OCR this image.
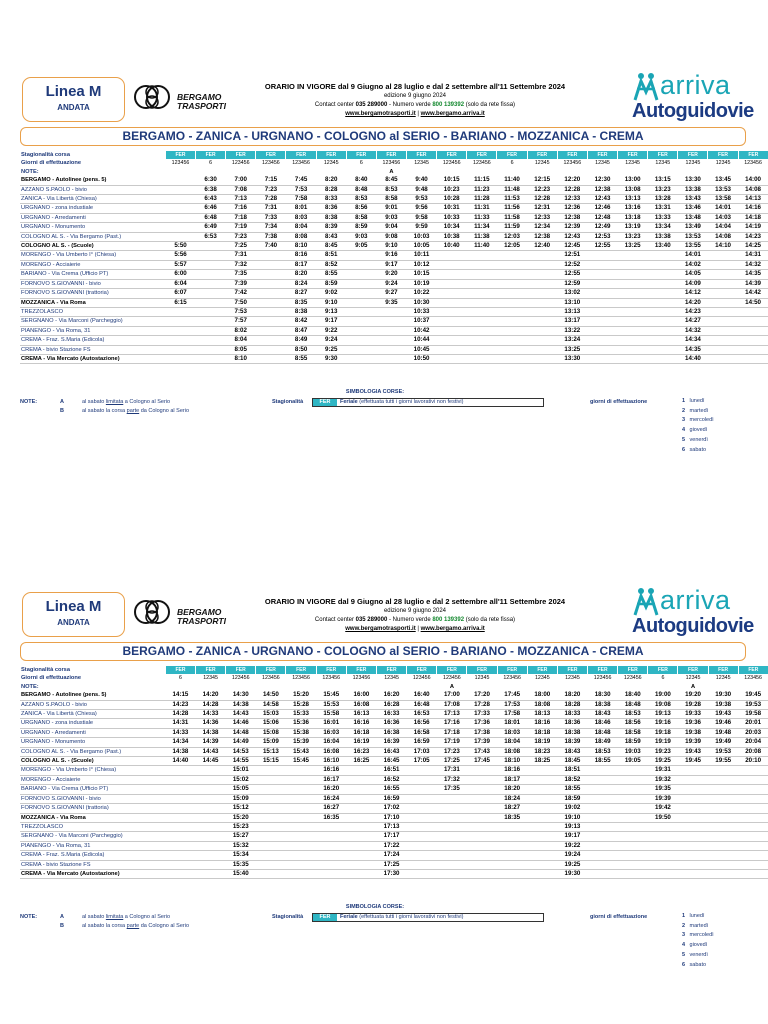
Linea M
ANDATA
BERGAMO TRASPORTI
ORARIO IN VIGORE dal 9 Giugno al 28 luglio e dal 2 settembre all'11 Settembre 2024
edizione 9 giugno 2024
Contact center 035 289000 - Numero verde 800 139392 (solo da rete fissa)
www.bergamotrasporti.it | www.bergamo.arriva.it
arriva
Autoguidovie
BERGAMO - ZANICA - URGNANO - COLOGNO al SERIO - BARIANO - MOZZANICA - CREMA
Stagionalità corsa	FER	FER	FER	FER	FER	FER	FER	FER	FER	FER	FER	FER	FER	FER	FER	FER	FER	FER	FER	FER
Giorni di effettuazione	123456	6	123456	123456	123456	12345	6	123456	12345	123456	123456	6	12345	123456	12345	12345	12345	12345	12345	123456
NOTE:								A												
BERGAMO - Autolinee (pens. 5)		6:30	7:00	7:15	7:45	8:20	8:40	8:45	9:40	10:15	11:15	11:40	12:15	12:20	12:30	13:00	13:15	13:30	13:45	14:00
AZZANO S.PAOLO - bivio		6:38	7:08	7:23	7:53	8:28	8:48	8:53	9:48	10:23	11:23	11:48	12:23	12:28	12:38	13:08	13:23	13:38	13:53	14:08
ZANICA - Via Libertà (Chiesa)		6:43	7:13	7:28	7:58	8:33	8:53	8:58	9:53	10:28	11:28	11:53	12:28	12:33	12:43	13:13	13:28	13:43	13:58	14:13
URGNANO - zona industiale		6:46	7:16	7:31	8:01	8:36	8:56	9:01	9:56	10:31	11:31	11:56	12:31	12:36	12:46	13:16	13:31	13:46	14:01	14:16
URGNANO - Arredamenti		6:48	7:18	7:33	8:03	8:38	8:58	9:03	9:58	10:33	11:33	11:58	12:33	12:38	12:48	13:18	13:33	13:48	14:03	14:18
URGNANO - Monumento		6:49	7:19	7:34	8:04	8:39	8:59	9:04	9:59	10:34	11:34	11:59	12:34	12:39	12:49	13:19	13:34	13:49	14:04	14:19
COLOGNO AL S. - Via Bergamo (Past.)		6:53	7:23	7:38	8:08	8:43	9:03	9:08	10:03	10:38	11:38	12:03	12:38	12:43	12:53	13:23	13:38	13:53	14:08	14:23
COLOGNO AL S. - (Scuole)	5:50		7:25	7:40	8:10	8:45	9:05	9:10	10:05	10:40	11:40	12:05	12:40	12:45	12:55	13:25	13:40	13:55	14:10	14:25
MORENGO - Via Umberto I° (Chiesa)	5:56		7:31		8:16	8:51		9:16	10:11					12:51				14:01		14:31
MORENGO - Acciaierie	5:57		7:32		8:17	8:52		9:17	10:12					12:52				14:02		14:32
BARIANO - Via Crema (Ufficio PT)	6:00		7:35		8:20	8:55		9:20	10:15					12:55				14:05		14:35
FORNOVO S.GIOVANNI - bivio	6:04		7:39		8:24	8:59		9:24	10:19					12:59				14:09		14:39
FORNOVO S.GIOVANNI (trattoria)	6:07		7:42		8:27	9:02		9:27	10:22					13:02				14:12		14:42
MOZZANICA - Via Roma	6:15		7:50		8:35	9:10		9:35	10:30					13:10				14:20		14:50
TREZZOLASCO			7:53		8:38	9:13			10:33					13:13				14:23		
SERGNANO - Via Marconi (Parcheggio)			7:57		8:42	9:17			10:37					13:17				14:27		
PIANENGO - Via Roma, 31			8:02		8:47	9:22			10:42					13:22				14:32		
CREMA - Fraz. S.Maria (Edicola)			8:04		8:49	9:24			10:44					13:24				14:34		
CREMA - bivio Stazione FS			8:05		8:50	9:25			10:45					13:25				14:35		
CREMA - Via Mercato (Autostazione)			8:10		8:55	9:30			10:50					13:30				14:40		
SIMBOLOGIA CORSE:
NOTE:	A	al sabato limitata a Cologno al Serio
B	al sabato la corsa parte da Cologno al Serio
Stagionalità	FER Feriale (effettuata tutti i giorni lavorativi non festivi)	giorni di effettuazione	1 lunedì
2 martedì
3 mercoledì
4 giovedì
5 venerdì
6 sabato
Linea M
ANDATA
BERGAMO TRASPORTI
ORARIO IN VIGORE dal 9 Giugno al 28 luglio e dal 2 settembre all'11 Settembre 2024
edizione 9 giugno 2024
Contact center 035 289000 - Numero verde 800 139392 (solo da rete fissa)
www.bergamotrasporti.it | www.bergamo.arriva.it
arriva
Autoguidovie
BERGAMO - ZANICA - URGNANO - COLOGNO al SERIO - BARIANO - MOZZANICA - CREMA
Stagionalità corsa	FER	FER	FER	FER	FER	FER	FER	FER	FER	FER	FER	FER	FER	FER	FER	FER	FER	FER	FER	FER
Giorni di effettuazione	6	12345	123456	123456	123456	123456	123456	12345	123456	123456	12345	123456	12345	12345	123456	123456	6	12345	12345	123456
NOTE:										A								A		
BERGAMO - Autolinee (pens. 5)	14:15	14:20	14:30	14:50	15:20	15:45	16:00	16:20	16:40	17:00	17:20	17:45	18:00	18:20	18:30	18:40	19:00	19:20	19:30	19:45
AZZANO S.PAOLO - bivio	14:23	14:28	14:38	14:58	15:28	15:53	16:08	16:28	16:48	17:08	17:28	17:53	18:08	18:28	18:38	18:48	19:08	19:28	19:38	19:53
ZANICA - Via Libertà (Chiesa)	14:28	14:33	14:43	15:03	15:33	15:58	16:13	16:33	16:53	17:13	17:33	17:58	18:13	18:33	18:43	18:53	19:13	19:33	19:43	19:58
URGNANO - zona industiale	14:31	14:36	14:46	15:06	15:36	16:01	16:16	16:36	16:56	17:16	17:36	18:01	18:16	18:36	18:46	18:56	19:16	19:36	19:46	20:01
URGNANO - Arredamenti	14:33	14:38	14:48	15:08	15:38	16:03	16:18	16:38	16:58	17:18	17:38	18:03	18:18	18:38	18:48	18:58	19:18	19:38	19:48	20:03
URGNANO - Monumento	14:34	14:39	14:49	15:09	15:39	16:04	16:19	16:39	16:59	17:19	17:39	18:04	18:19	18:39	18:49	18:59	19:19	19:39	19:49	20:04
COLOGNO AL S. - Via Bergamo (Past.)	14:38	14:43	14:53	15:13	15:43	16:08	16:23	16:43	17:03	17:23	17:43	18:08	18:23	18:43	18:53	19:03	19:23	19:43	19:53	20:08
COLOGNO AL S. - (Scuole)	14:40	14:45	14:55	15:15	15:45	16:10	16:25	16:45	17:05	17:25	17:45	18:10	18:25	18:45	18:55	19:05	19:25	19:45	19:55	20:10
MORENGO - Via Umberto I° (Chiesa)			15:01			16:16		16:51		17:31		18:16		18:51			19:31			
MORENGO - Acciaierie			15:02			16:17		16:52		17:32		18:17		18:52			19:32			
BARIANO - Via Crema (Ufficio PT)			15:05			16:20		16:55		17:35		18:20		18:55			19:35			
FORNOVO S.GIOVANNI - bivio			15:09			16:24		16:59				18:24		18:59			19:39			
FORNOVO S.GIOVANNI (trattoria)			15:12			16:27		17:02				18:27		19:02			19:42			
MOZZANICA - Via Roma			15:20			16:35		17:10				18:35		19:10			19:50			
TREZZOLASCO			15:23					17:13						19:13						
SERGNANO - Via Marconi (Parcheggio)			15:27					17:17						19:17						
PIANENGO - Via Roma, 31			15:32					17:22						19:22						
CREMA - Fraz. S.Maria (Edicola)			15:34					17:24						19:24						
CREMA - bivio Stazione FS			15:35					17:25						19:25						
CREMA - Via Mercato (Autostazione)			15:40					17:30						19:30						
SIMBOLOGIA CORSE:
NOTE:	A	al sabato limitata a Cologno al Serio
B	al sabato la corsa parte da Cologno al Serio
Stagionalità	FER Feriale (effettuata tutti i giorni lavorativi non festivi)	giorni di effettuazione	1 lunedì
2 martedì
3 mercoledì
4 giovedì
5 venerdì
6 sabato
